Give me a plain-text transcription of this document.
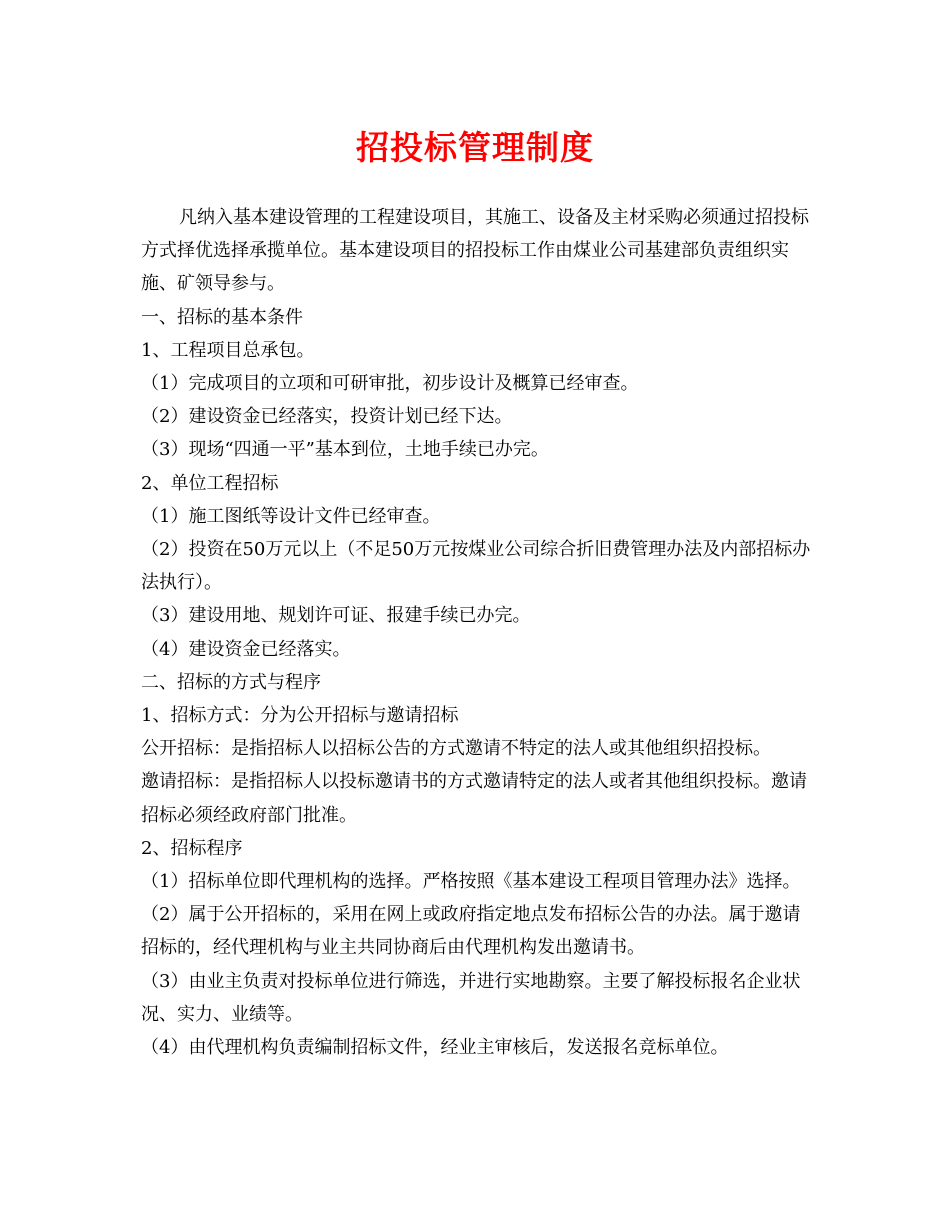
招投标管理制度

凡纳入基本建设管理的工程建设项目，其施工、设备及主材采购必须通过招投标方式择优选择承揽单位。基本建设项目的招投标工作由煤业公司基建部负责组织实施、矿领导参与。

一、招标的基本条件

1、工程项目总承包。

（1）完成项目的立项和可研审批，初步设计及概算已经审查。

（2）建设资金已经落实，投资计划已经下达。

（3）现场“四通一平”基本到位，土地手续已办完。

2、单位工程招标

（1）施工图纸等设计文件已经审查。

（2）投资在50万元以上（不足50万元按煤业公司综合折旧费管理办法及内部招标办法执行）。

（3）建设用地、规划许可证、报建手续已办完。

（4）建设资金已经落实。

二、招标的方式与程序

1、招标方式：分为公开招标与邀请招标

公开招标：是指招标人以招标公告的方式邀请不特定的法人或其他组织招投标。

邀请招标：是指招标人以投标邀请书的方式邀请特定的法人或者其他组织投标。邀请招标必须经政府部门批准。

2、招标程序

（1）招标单位即代理机构的选择。严格按照《基本建设工程项目管理办法》选择。

（2）属于公开招标的，采用在网上或政府指定地点发布招标公告的办法。属于邀请招标的，经代理机构与业主共同协商后由代理机构发出邀请书。

（3）由业主负责对投标单位进行筛选，并进行实地勘察。主要了解投标报名企业状况、实力、业绩等。

（4）由代理机构负责编制招标文件，经业主审核后，发送报名竞标单位。
